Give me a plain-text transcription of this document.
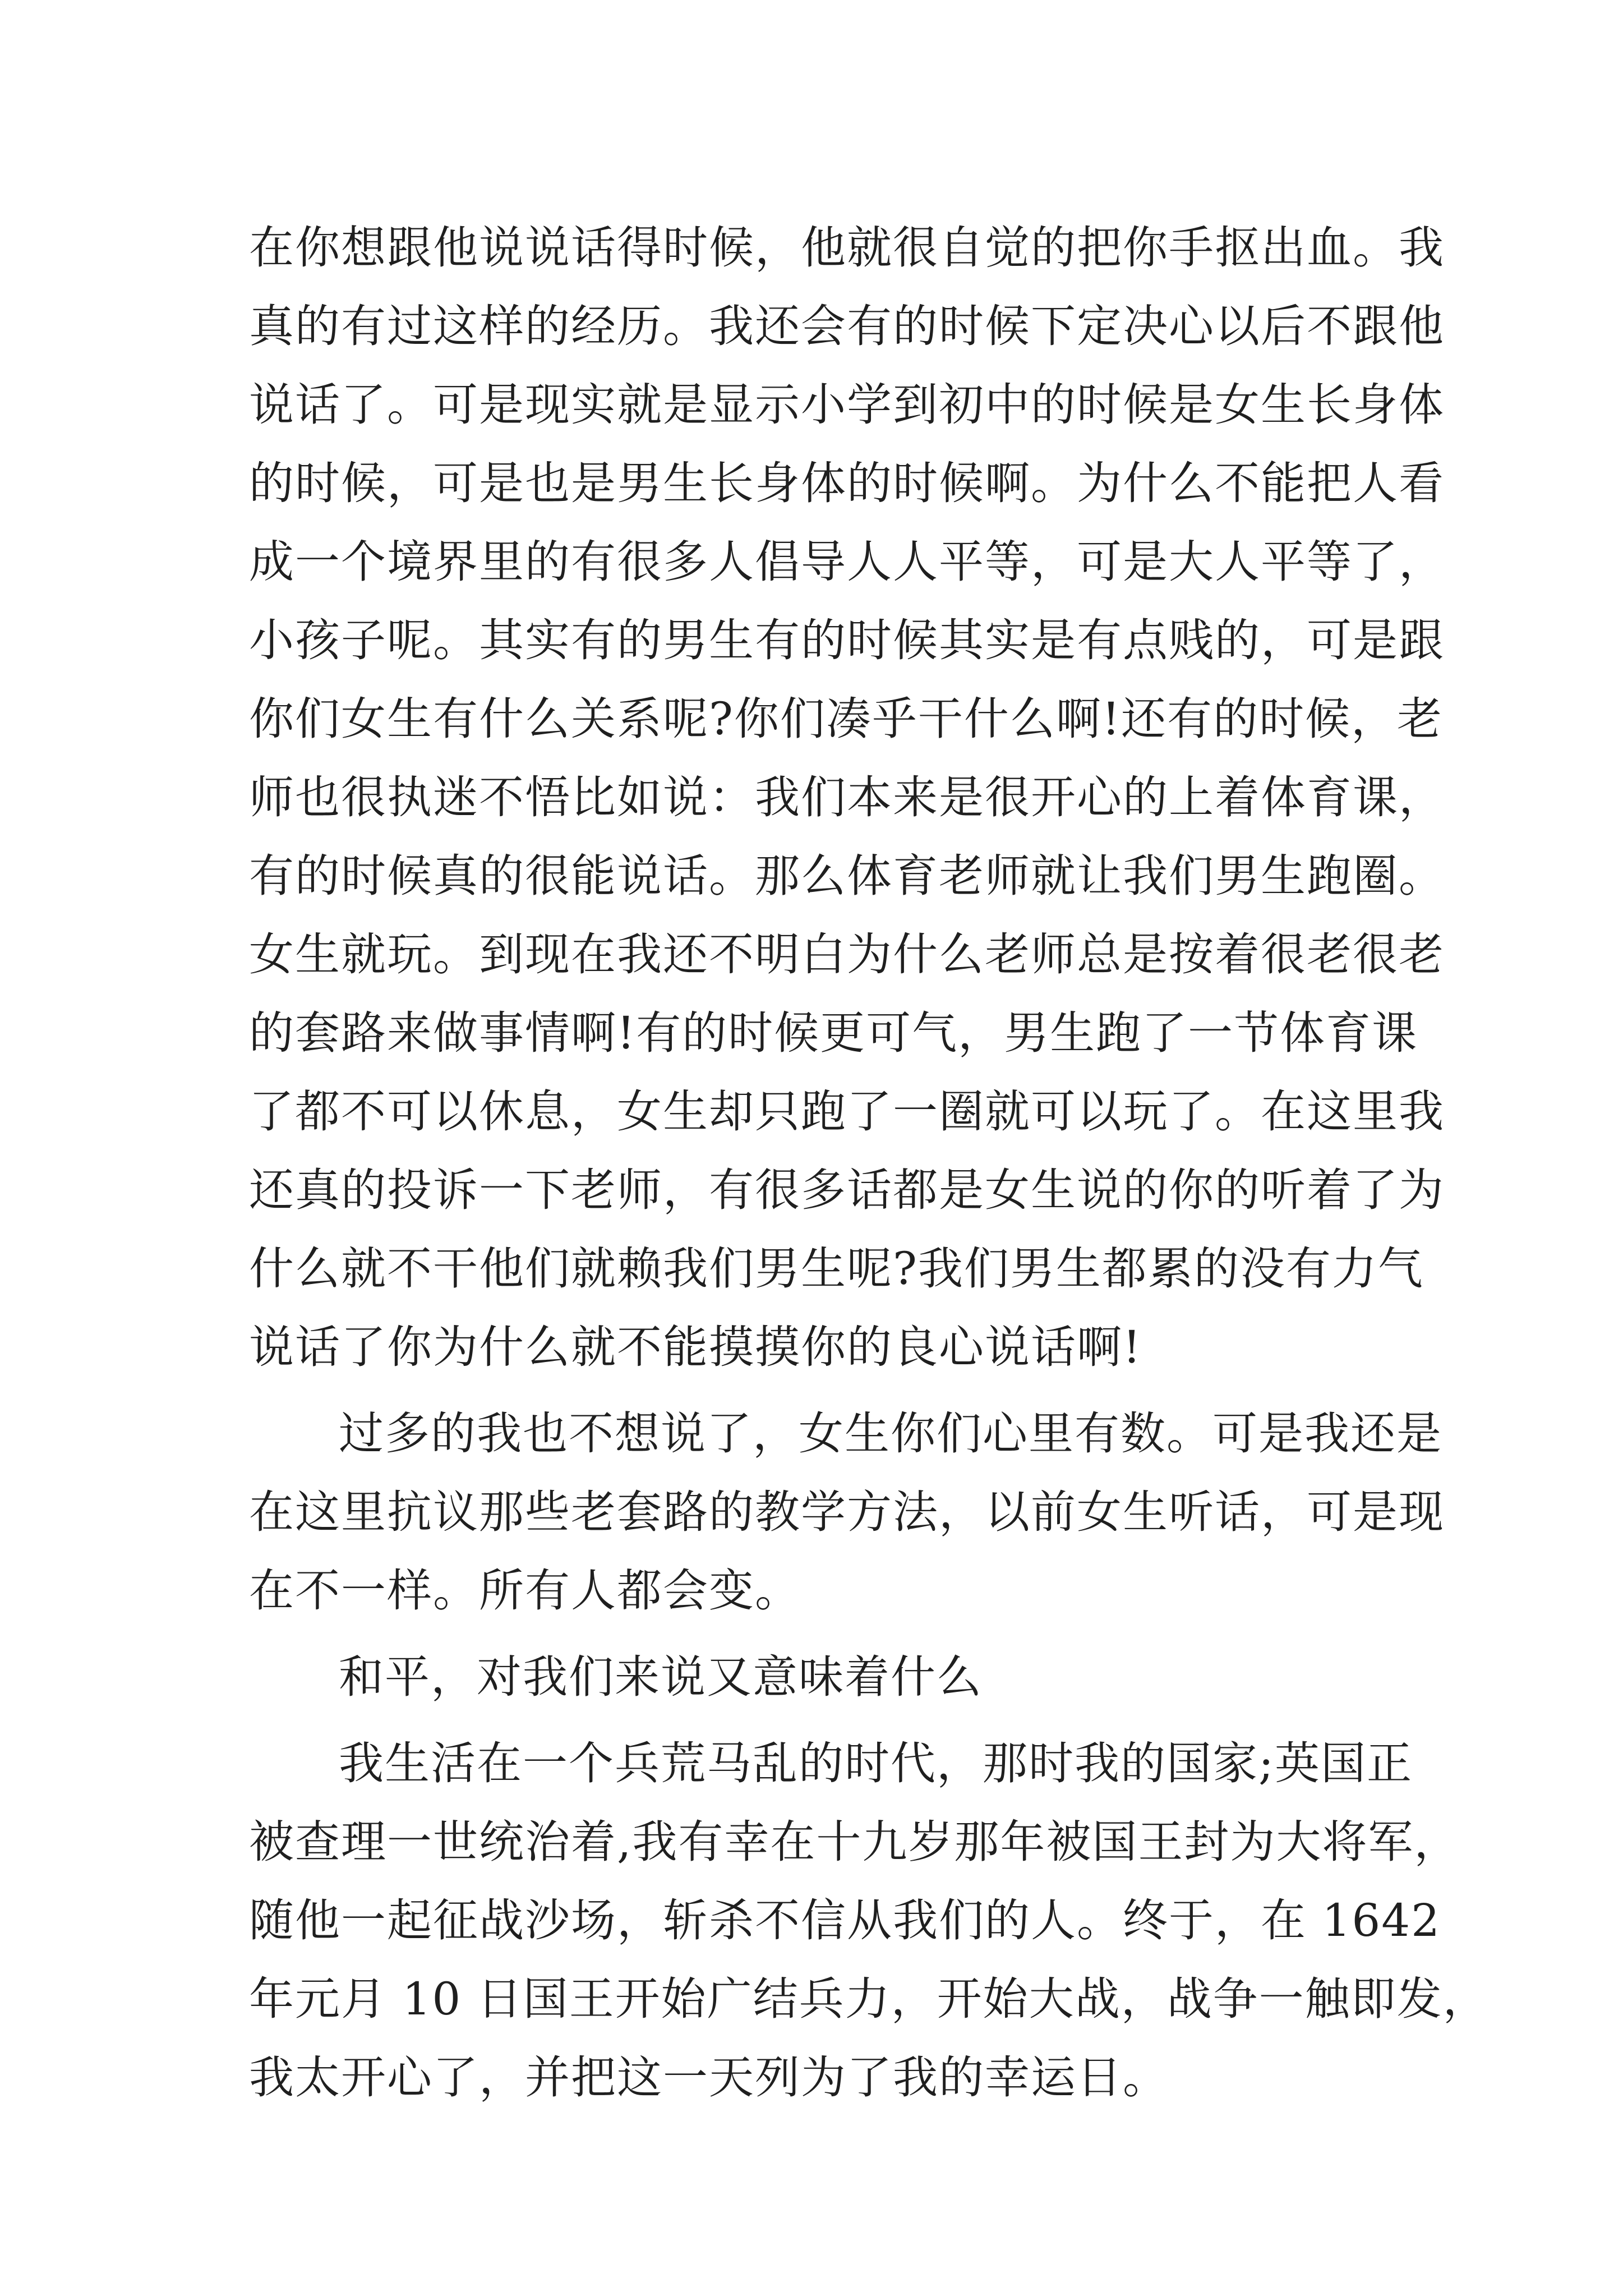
在你想跟他说说话得时候，他就很自觉的把你手抠出血。我
真的有过这样的经历。我还会有的时候下定决心以后不跟他
说话了。可是现实就是显示小学到初中的时候是女生长身体
的时候，可是也是男生长身体的时候啊。为什么不能把人看
成一个境界里的有很多人倡导人人平等，可是大人平等了，
小孩子呢。其实有的男生有的时候其实是有点贱的，可是跟
你们女生有什么关系呢?你们凑乎干什么啊!还有的时候，老
师也很执迷不悟比如说：我们本来是很开心的上着体育课，
有的时候真的很能说话。那么体育老师就让我们男生跑圈。
女生就玩。到现在我还不明白为什么老师总是按着很老很老
的套路来做事情啊!有的时候更可气，男生跑了一节体育课
了都不可以休息，女生却只跑了一圈就可以玩了。在这里我
还真的投诉一下老师，有很多话都是女生说的你的听着了为
什么就不干他们就赖我们男生呢?我们男生都累的没有力气
说话了你为什么就不能摸摸你的良心说话啊!
过多的我也不想说了，女生你们心里有数。可是我还是
在这里抗议那些老套路的教学方法，以前女生听话，可是现
在不一样。所有人都会变。
和平，对我们来说又意味着什么
我生活在一个兵荒马乱的时代，那时我的国家;英国正
被查理一世统治着,我有幸在十九岁那年被国王封为大将军，
随他一起征战沙场，斩杀不信从我们的人。终于，在 1642
年元月 10 日国王开始广结兵力，开始大战，战争一触即发，
我太开心了，并把这一天列为了我的幸运日。
